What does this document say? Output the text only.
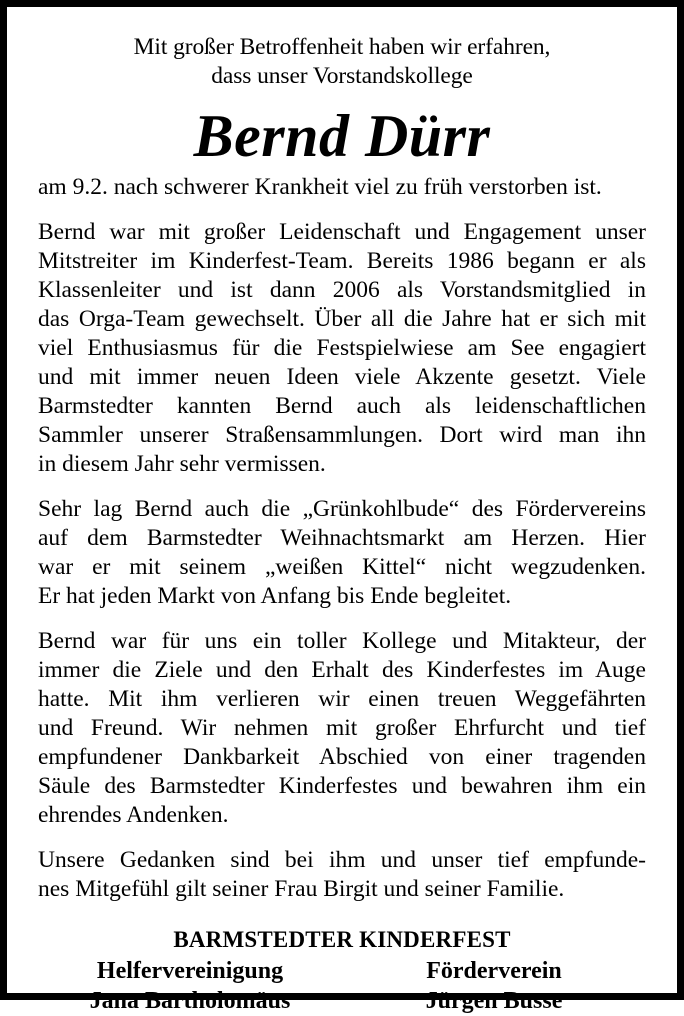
Mit großer Betroffenheit haben wir erfahren,
dass unser Vorstandskollege
Bernd Dürr

am 9.2. nach schwerer Krankheit viel zu früh verstorben ist.

Bernd war mit großer Leidenschaft und Engagement unser
Mitstreiter im Kinderfest-Team. Bereits 1986 begann er als
Klassenleiter und ist dann 2006 als Vorstandsmitglied in
das Orga-Team gewechselt. Über all die Jahre hat er sich mit
viel Enthusiasmus für die Festspielwiese am See engagiert
und mit immer neuen Ideen viele Akzente gesetzt. Viele
Barmstedter kannten Bernd auch als leidenschaftlichen
Sammler unserer Straßensammlungen. Dort wird man ihn
in diesem Jahr sehr vermissen.

Sehr lag Bernd auch die „Grünkohlbude“ des Fördervereins
auf dem Barmstedter Weihnachtsmarkt am Herzen. Hier
war er mit seinem „weißen Kittel“ nicht wegzudenken.
Er hat jeden Markt von Anfang bis Ende begleitet.

Bernd war für uns ein toller Kollege und Mitakteur, der
immer die Ziele und den Erhalt des Kinderfestes im Auge
hatte. Mit ihm verlieren wir einen treuen Weggefährten
und Freund. Wir nehmen mit großer Ehrfurcht und tief
empfundener Dankbarkeit Abschied von einer tragenden
Säule des Barmstedter Kinderfestes und bewahren ihm ein
ehrendes Andenken.

Unsere Gedanken sind bei ihm und unser tief empfunde-
nes Mitgefühl gilt seiner Frau Birgit und seiner Familie.

BARMSTEDTER KINDERFEST
Helfervereinigung
Jana Bartholomäus
Förderverein
Jürgen Busse
